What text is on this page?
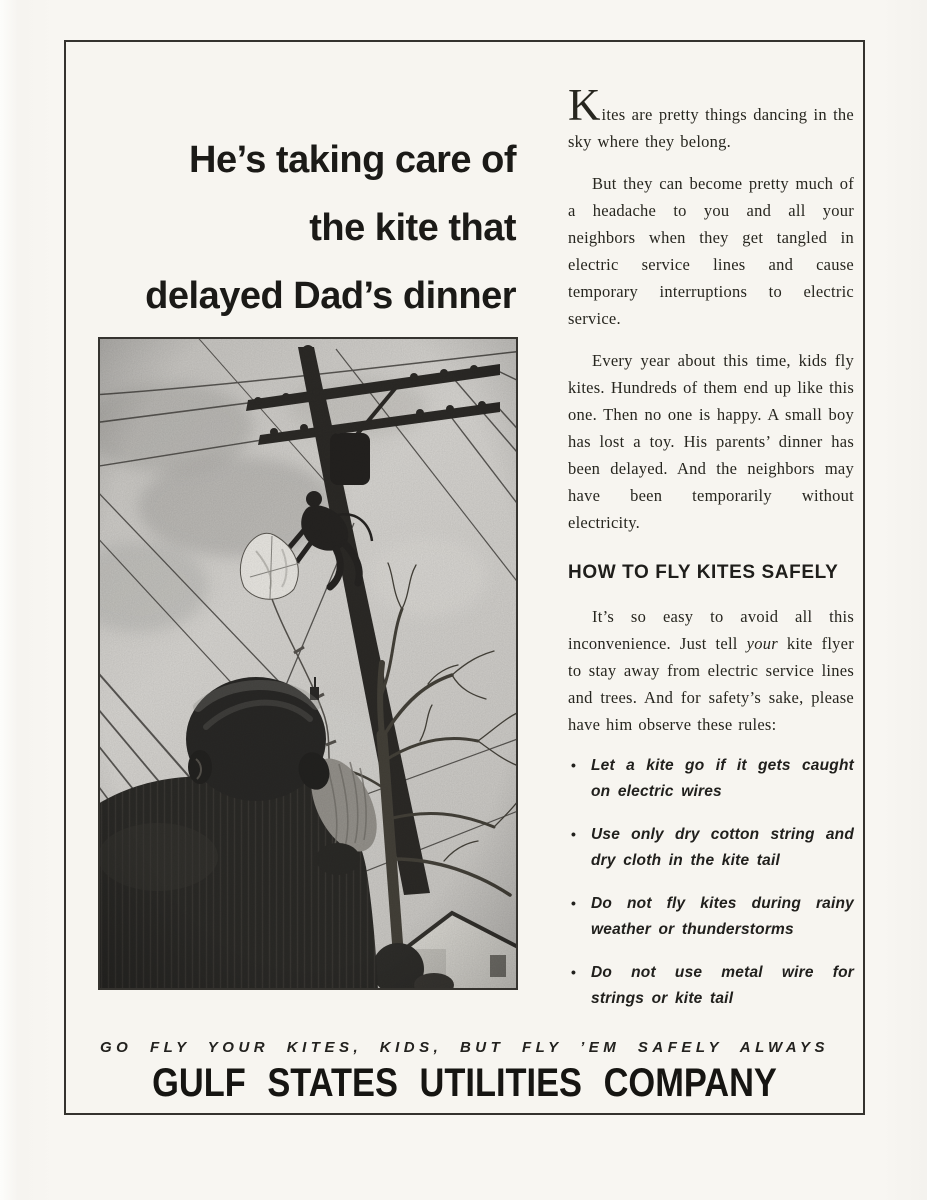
He’s taking care of
the kite that
delayed Dad’s dinner

Kites are pretty things dancing in the sky where they belong.

But they can become pretty much of a headache to you and all your neighbors when they get tangled in electric service lines and cause temporary interruptions to electric service.

Every year about this time, kids fly kites. Hundreds of them end up like this one. Then no one is happy. A small boy has lost a toy. His parents’ dinner has been delayed. And the neighbors may have been temporarily without electricity.

HOW TO FLY KITES SAFELY

It’s so easy to avoid all this inconvenience. Just tell your kite flyer to stay away from electric service lines and trees. And for safety’s sake, please have him observe these rules:

• Let a kite go if it gets caught on electric wires
• Use only dry cotton string and dry cloth in the kite tail
• Do not fly kites during rainy weather or thunderstorms
• Do not use metal wire for strings or kite tail
GO FLY YOUR KITES, KIDS, BUT FLY ’EM SAFELY ALWAYS
GULF STATES UTILITIES COMPANY
